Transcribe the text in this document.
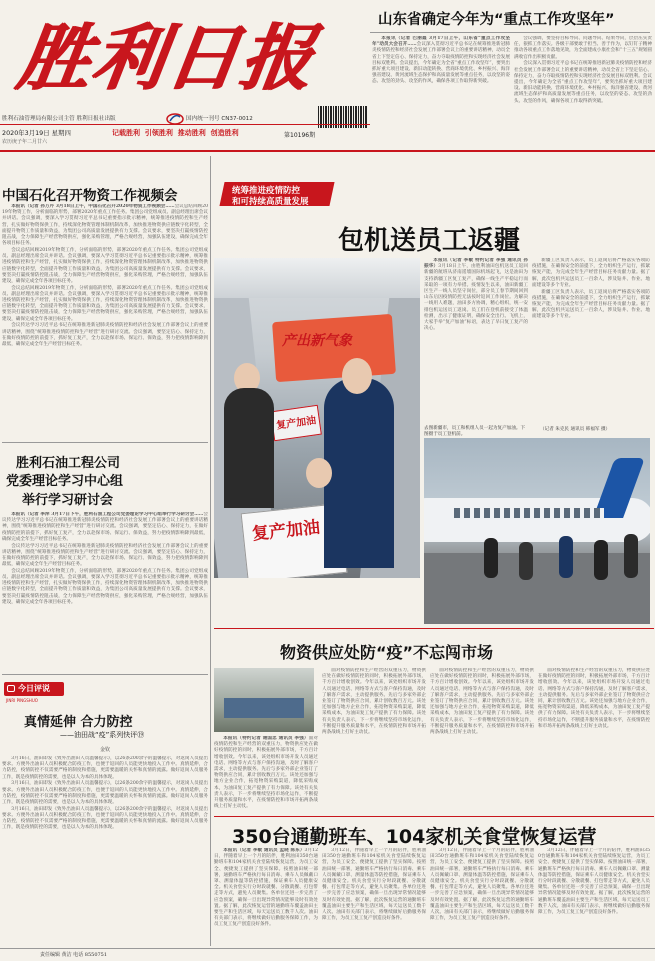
胜利日报	山东省确定今年为“重点工作攻坚年”

本报讯（记者 巴丽霞 3月17日上午，山东省“重点工作攻坚年”动员大会召开……会议深入贯彻习近平总书记在统筹推进新冠肺炎疫情防控和经济社会发展工作部署会议上的重要讲话精神，动员全省上下坚定信心、保持定力，奋力夺取疫情防控和实现经济社会发展目标双胜利。会议提出，今年确定为全省“重点工作攻坚年”，要突出抓好重大项目建设、新旧动能转换、营商环境优化、乡村振兴、海洋强省建设、黄河流域生态保护和高质量发展等重点任务，以攻坚的姿态、攻坚的劲头、攻坚的作风，确保各项工作取得新突破。

会议强调，要坚持目标导向、问题导向、结果导向，层层压实责任，狠抓工作落实。各级干部要敢于担当、善于作为，以钉钉子精神推动各项重点工作落地见效，为全面建成小康社会和“十三五”规划圆满收官作出积极贡献。

会议深入贯彻习近平总书记在统筹推进新冠肺炎疫情防控和经济社会发展工作部署会议上的重要讲话精神，动员全省上下坚定信心、保持定力，奋力夺取疫情防控和实现经济社会发展目标双胜利。会议提出，今年确定为全省“重点工作攻坚年”，要突出抓好重大项目建设、新旧动能转换、营商环境优化、乡村振兴、海洋强省建设、黄河流域生态保护和高质量发展等重点任务，以攻坚的姿态、攻坚的劲头、攻坚的作风，确保各项工作取得新突破。

胜利石油管理局有限公司主管 胜利日报社出版	国内统一刊号 CN37-0012
2020年3月19日 星期四
农历庚子年二月廿六
第10196期
记载胜利 引领胜利 推动胜利 创造胜利
中国石化召开物资工作视频会

本报讯（记者 孙万芹 3月18日上午，中国石化召开2020年物资工作视频会……会议总结回顾2019年物资工作，分析面临的形势，部署2020年重点工作任务。集团公司党组成员、副总经理出席会议并讲话。会议强调，要深入学习贯彻习近平总书记重要指示批示精神，统筹推进疫情防控和生产经营，扎实做好物资保供工作，持续深化物资管理体制机制改革，加快推进物资供应链数字化转型，全面提升物资工作质量和效益，为集团公司高质量发展提供有力支撑。会议要求，要坚决打赢疫情防控阻击战，全力保障生产经营物资供应，强化采购管理，严格合规经营，加强队伍建设，确保完成全年各项目标任务。

会议总结回顾2019年物资工作，分析面临的形势，部署2020年重点工作任务。集团公司党组成员、副总经理出席会议并讲话。会议强调，要深入学习贯彻习近平总书记重要指示批示精神，统筹推进疫情防控和生产经营，扎实做好物资保供工作，持续深化物资管理体制机制改革，加快推进物资供应链数字化转型，全面提升物资工作质量和效益，为集团公司高质量发展提供有力支撑。会议要求，要坚决打赢疫情防控阻击战，全力保障生产经营物资供应，强化采购管理，严格合规经营，加强队伍建设，确保完成全年各项目标任务。

会议总结回顾2019年物资工作，分析面临的形势，部署2020年重点工作任务。集团公司党组成员、副总经理出席会议并讲话。会议强调，要深入学习贯彻习近平总书记重要指示批示精神，统筹推进疫情防控和生产经营，扎实做好物资保供工作，持续深化物资管理体制机制改革，加快推进物资供应链数字化转型，全面提升物资工作质量和效益，为集团公司高质量发展提供有力支撑。会议要求，要坚决打赢疫情防控阻击战，全力保障生产经营物资供应，强化采购管理，严格合规经营，加强队伍建设，确保完成全年各项目标任务。

会议传达学习习近平总书记在统筹推进新冠肺炎疫情防控和经济社会发展工作部署会议上的重要讲话精神，围绕“统筹推进疫情防控和生产经营”进行研讨交流。会议强调，要坚定信心、保持定力，在做好疫情防控的前提下，抓好复工复产，全力以赴保市场、保运行、保效益，努力把疫情影响降到最低，确保完成全年生产经营目标任务。

胜利石油工程公司
党委理论学习中心组
举行学习研讨会

本报讯（记者 李萍 3月17日下午，胜利石油工程公司党委理论学习中心组举行学习研讨会……会议传达学习习近平总书记在统筹推进新冠肺炎疫情防控和经济社会发展工作部署会议上的重要讲话精神，围绕“统筹推进疫情防控和生产经营”进行研讨交流。会议强调，要坚定信心、保持定力，在做好疫情防控的前提下，抓好复工复产，全力以赴保市场、保运行、保效益，努力把疫情影响降到最低，确保完成全年生产经营目标任务。

会议传达学习习近平总书记在统筹推进新冠肺炎疫情防控和经济社会发展工作部署会议上的重要讲话精神，围绕“统筹推进疫情防控和生产经营”进行研讨交流。会议强调，要坚定信心、保持定力，在做好疫情防控的前提下，抓好复工复产，全力以赴保市场、保运行、保效益，努力把疫情影响降到最低，确保完成全年生产经营目标任务。

会议总结回顾2019年物资工作，分析面临的形势，部署2020年重点工作任务。集团公司党组成员、副总经理出席会议并讲话。会议强调，要深入学习贯彻习近平总书记重要指示批示精神，统筹推进疫情防控和生产经营，扎实做好物资保供工作，持续深化物资管理体制机制改革，加快推进物资供应链数字化转型，全面提升物资工作质量和效益，为集团公司高质量发展提供有力支撑。会议要求，要坚决打赢疫情防控阻击战，全力保障生产经营物资供应，强化采购管理，严格合规经营，加强队伍建设，确保完成全年各项目标任务。

今日评说
JINRI PINGSHUO
真情延伸 合力防控
——油田战“疫”系列快评⑲
金钦

3月16日，油田即发《致外出油田人员温馨提示》，以26条200余字的温馨提示，对返岗人员提出要求。方便外出油田人员积极配合防疫工作，也便于返回的人员能更快地投入工作中。真情延伸，合力防控，疫情防控不仅需要严格的制度和措施，更需要温暖的关怀和真情的流露。做好返岗人员服务工作，既是疫情防控的需要，也是以人为本的具体体现。

3月16日，油田即发《致外出油田人员温馨提示》，以26条200余字的温馨提示，对返岗人员提出要求。方便外出油田人员积极配合防疫工作，也便于返回的人员能更快地投入工作中。真情延伸，合力防控，疫情防控不仅需要严格的制度和措施，更需要温暖的关怀和真情的流露。做好返岗人员服务工作，既是疫情防控的需要，也是以人为本的具体体现。

3月16日，油田即发《致外出油田人员温馨提示》，以26条200余字的温馨提示，对返岗人员提出要求。方便外出油田人员积极配合防疫工作，也便于返回的人员能更快地投入工作中。真情延伸，合力防控，疫情防控不仅需要严格的制度和措施，更需要温暖的关怀和真情的流露。做好返岗人员服务工作，既是疫情防控的需要，也是以人为本的具体体现。

统筹推进疫情防控
和可持续高质量发展
包机送员工返疆
产出新气象
复产加油
复产加油

本报讯（记者 李敏 特约记者 李强 通讯员 孙振华）3月18日上午，由胜利油田包机送员工返回新疆的航班从济南遥墙国际机场起飞，这是油田为支持新疆工区复工复产，确保一线生产平稳运行而采取的一项有力举措。疫情发生以来，油田新疆工区生产一线人员坚守岗位，部分员工春节期间回到山东后因疫情防控无法按时返回工作岗位。为解决一线用人难题，油田多方协调，精心组织，统一安排包机运送员工返岗。员工们在登机前接受了体温检测，出示了健康证明，确保安全出行。飞机上，大家手举“复产加油”标语，表达了早日复工复产的决心。

新疆工区负责人表示，员工返岗后将严格落实各项防疫措施，在确保安全的前提下，全力组织生产运行，抓紧恢复产能，为完成全年生产经营目标任务贡献力量。据了解，此次包机共运送员工一百余人，涉及钻井、作业、地面建设等多个专业。

新疆工区负责人表示，员工返岗后将严格落实各项防疫措施，在确保安全的前提下，全力组织生产运行，抓紧恢复产能，为完成全年生产经营目标任务贡献力量。据了解，此次包机共运送员工一百余人，涉及钻井、作业、地面建设等多个专业。

去图新疆市，员工和机组人员一起为复产加油。下图摄于员工登机前。
（记者 朱克民 通讯员 韩福军 摄）
物资供应处防“疫”不忘闯市场

本报讯（特约记者 谢国忠 通讯员 李强）面对疫情防控和生产经营的双重压力，物资供应处在做好疫情防控的同时，积极拓展外部市场，千方百计增收创效。今年以来，该处组织市场开发人员通过电话、网络等方式与客户保持沟通，及时了解客户需求，主动提供服务。先后与多家外部企业签订了物资供应合同，累计创收数百万元。该处还加强与地方企业合作，拓宽物资采购渠道，降低采购成本，为油田复工复产提供了有力保障。该处有关负责人表示，下一步将继续坚持市场化运作，不断提升服务质量和水平，在疫情防控和市场开拓两条战线上打好主动仗。

面对疫情防控和生产经营的双重压力，物资供应处在做好疫情防控的同时，积极拓展外部市场，千方百计增收创效。今年以来，该处组织市场开发人员通过电话、网络等方式与客户保持沟通，及时了解客户需求，主动提供服务。先后与多家外部企业签订了物资供应合同，累计创收数百万元。该处还加强与地方企业合作，拓宽物资采购渠道，降低采购成本，为油田复工复产提供了有力保障。该处有关负责人表示，下一步将继续坚持市场化运作，不断提升服务质量和水平，在疫情防控和市场开拓两条战线上打好主动仗。

面对疫情防控和生产经营的双重压力，物资供应处在做好疫情防控的同时，积极拓展外部市场，千方百计增收创效。今年以来，该处组织市场开发人员通过电话、网络等方式与客户保持沟通，及时了解客户需求，主动提供服务。先后与多家外部企业签订了物资供应合同，累计创收数百万元。该处还加强与地方企业合作，拓宽物资采购渠道，降低采购成本，为油田复工复产提供了有力保障。该处有关负责人表示，下一步将继续坚持市场化运作，不断提升服务质量和水平，在疫情防控和市场开拓两条战线上打好主动仗。

面对疫情防控和生产经营的双重压力，物资供应处在做好疫情防控的同时，积极拓展外部市场，千方百计增收创效。今年以来，该处组织市场开发人员通过电话、网络等方式与客户保持沟通，及时了解客户需求，主动提供服务。先后与多家外部企业签订了物资供应合同，累计创收数百万元。该处还加强与地方企业合作，拓宽物资采购渠道，降低采购成本，为油田复工复产提供了有力保障。该处有关负责人表示，下一步将继续坚持市场化运作，不断提升服务质量和水平，在疫情防控和市场开拓两条战线上打好主动仗。

350台通勤班车、104家机关食堂恢复运营

本报讯（记者 李敏 通讯员 孟晓 陈东）3月12日，伴随着早上一个月的陪伴，胜利油田350台通勤班车和104家机关食堂陆续恢复运营，为员工安全、便捷复工提供了坚实保障。按照油田统一部署，通勤班车严格执行每日消毒、乘车人员佩戴口罩、测量体温等防控措施，保证乘车人员健康安全。机关食堂实行分时段就餐、分散就餐、打包带走等方式，避免人员聚集。各单位还进一步完善了应急预案，确保一旦出现异常情况能够及时有效处置。据了解，此次恢复运营的通勤班车覆盖油田主要生产和生活区域，每天运送员工数千人次。油田有关部门表示，将继续做好后勤服务保障工作，为员工复工复产创造良好条件。

3月12日，伴随着早上一个月的陪伴，胜利油田350台通勤班车和104家机关食堂陆续恢复运营，为员工安全、便捷复工提供了坚实保障。按照油田统一部署，通勤班车严格执行每日消毒、乘车人员佩戴口罩、测量体温等防控措施，保证乘车人员健康安全。机关食堂实行分时段就餐、分散就餐、打包带走等方式，避免人员聚集。各单位还进一步完善了应急预案，确保一旦出现异常情况能够及时有效处置。据了解，此次恢复运营的通勤班车覆盖油田主要生产和生活区域，每天运送员工数千人次。油田有关部门表示，将继续做好后勤服务保障工作，为员工复工复产创造良好条件。

3月12日，伴随着早上一个月的陪伴，胜利油田350台通勤班车和104家机关食堂陆续恢复运营，为员工安全、便捷复工提供了坚实保障。按照油田统一部署，通勤班车严格执行每日消毒、乘车人员佩戴口罩、测量体温等防控措施，保证乘车人员健康安全。机关食堂实行分时段就餐、分散就餐、打包带走等方式，避免人员聚集。各单位还进一步完善了应急预案，确保一旦出现异常情况能够及时有效处置。据了解，此次恢复运营的通勤班车覆盖油田主要生产和生活区域，每天运送员工数千人次。油田有关部门表示，将继续做好后勤服务保障工作，为员工复工复产创造良好条件。

3月12日，伴随着早上一个月的陪伴，胜利油田350台通勤班车和104家机关食堂陆续恢复运营，为员工安全、便捷复工提供了坚实保障。按照油田统一部署，通勤班车严格执行每日消毒、乘车人员佩戴口罩、测量体温等防控措施，保证乘车人员健康安全。机关食堂实行分时段就餐、分散就餐、打包带走等方式，避免人员聚集。各单位还进一步完善了应急预案，确保一旦出现异常情况能够及时有效处置。据了解，此次恢复运营的通勤班车覆盖油田主要生产和生活区域，每天运送员工数千人次。油田有关部门表示，将继续做好后勤服务保障工作，为员工复工复产创造良好条件。

责任编辑 黄洁 电话 8550751
